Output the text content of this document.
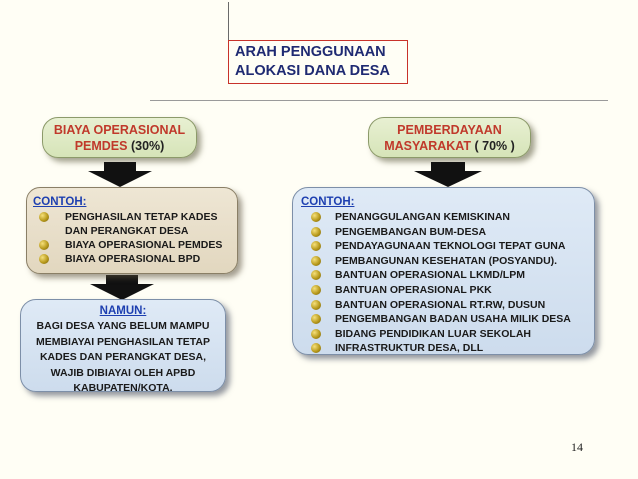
ARAH PENGGUNAAN
ALOKASI DANA DESA
BIAYA OPERASIONAL
PEMDES (30%)
PEMBERDAYAAN
MASYARAKAT ( 70% )
CONTOH:
PENGHASILAN TETAP KADES
DAN PERANGKAT DESA
BIAYA OPERASIONAL PEMDES
BIAYA OPERASIONAL BPD
NAMUN:
BAGI DESA YANG BELUM MAMPU
MEMBIAYAI PENGHASILAN TETAP
KADES DAN PERANGKAT DESA,
WAJIB DIBIAYAI OLEH APBD
KABUPATEN/KOTA.
CONTOH:
PENANGGULANGAN KEMISKINAN
PENGEMBANGAN BUM-DESA
PENDAYAGUNAAN TEKNOLOGI TEPAT GUNA
PEMBANGUNAN KESEHATAN (POSYANDU).
BANTUAN OPERASIONAL LKMD/LPM
BANTUAN OPERASIONAL PKK
BANTUAN OPERASIONAL RT.RW, DUSUN
PENGEMBANGAN BADAN USAHA MILIK DESA
BIDANG PENDIDIKAN LUAR SEKOLAH
INFRASTRUKTUR DESA, DLL
14
